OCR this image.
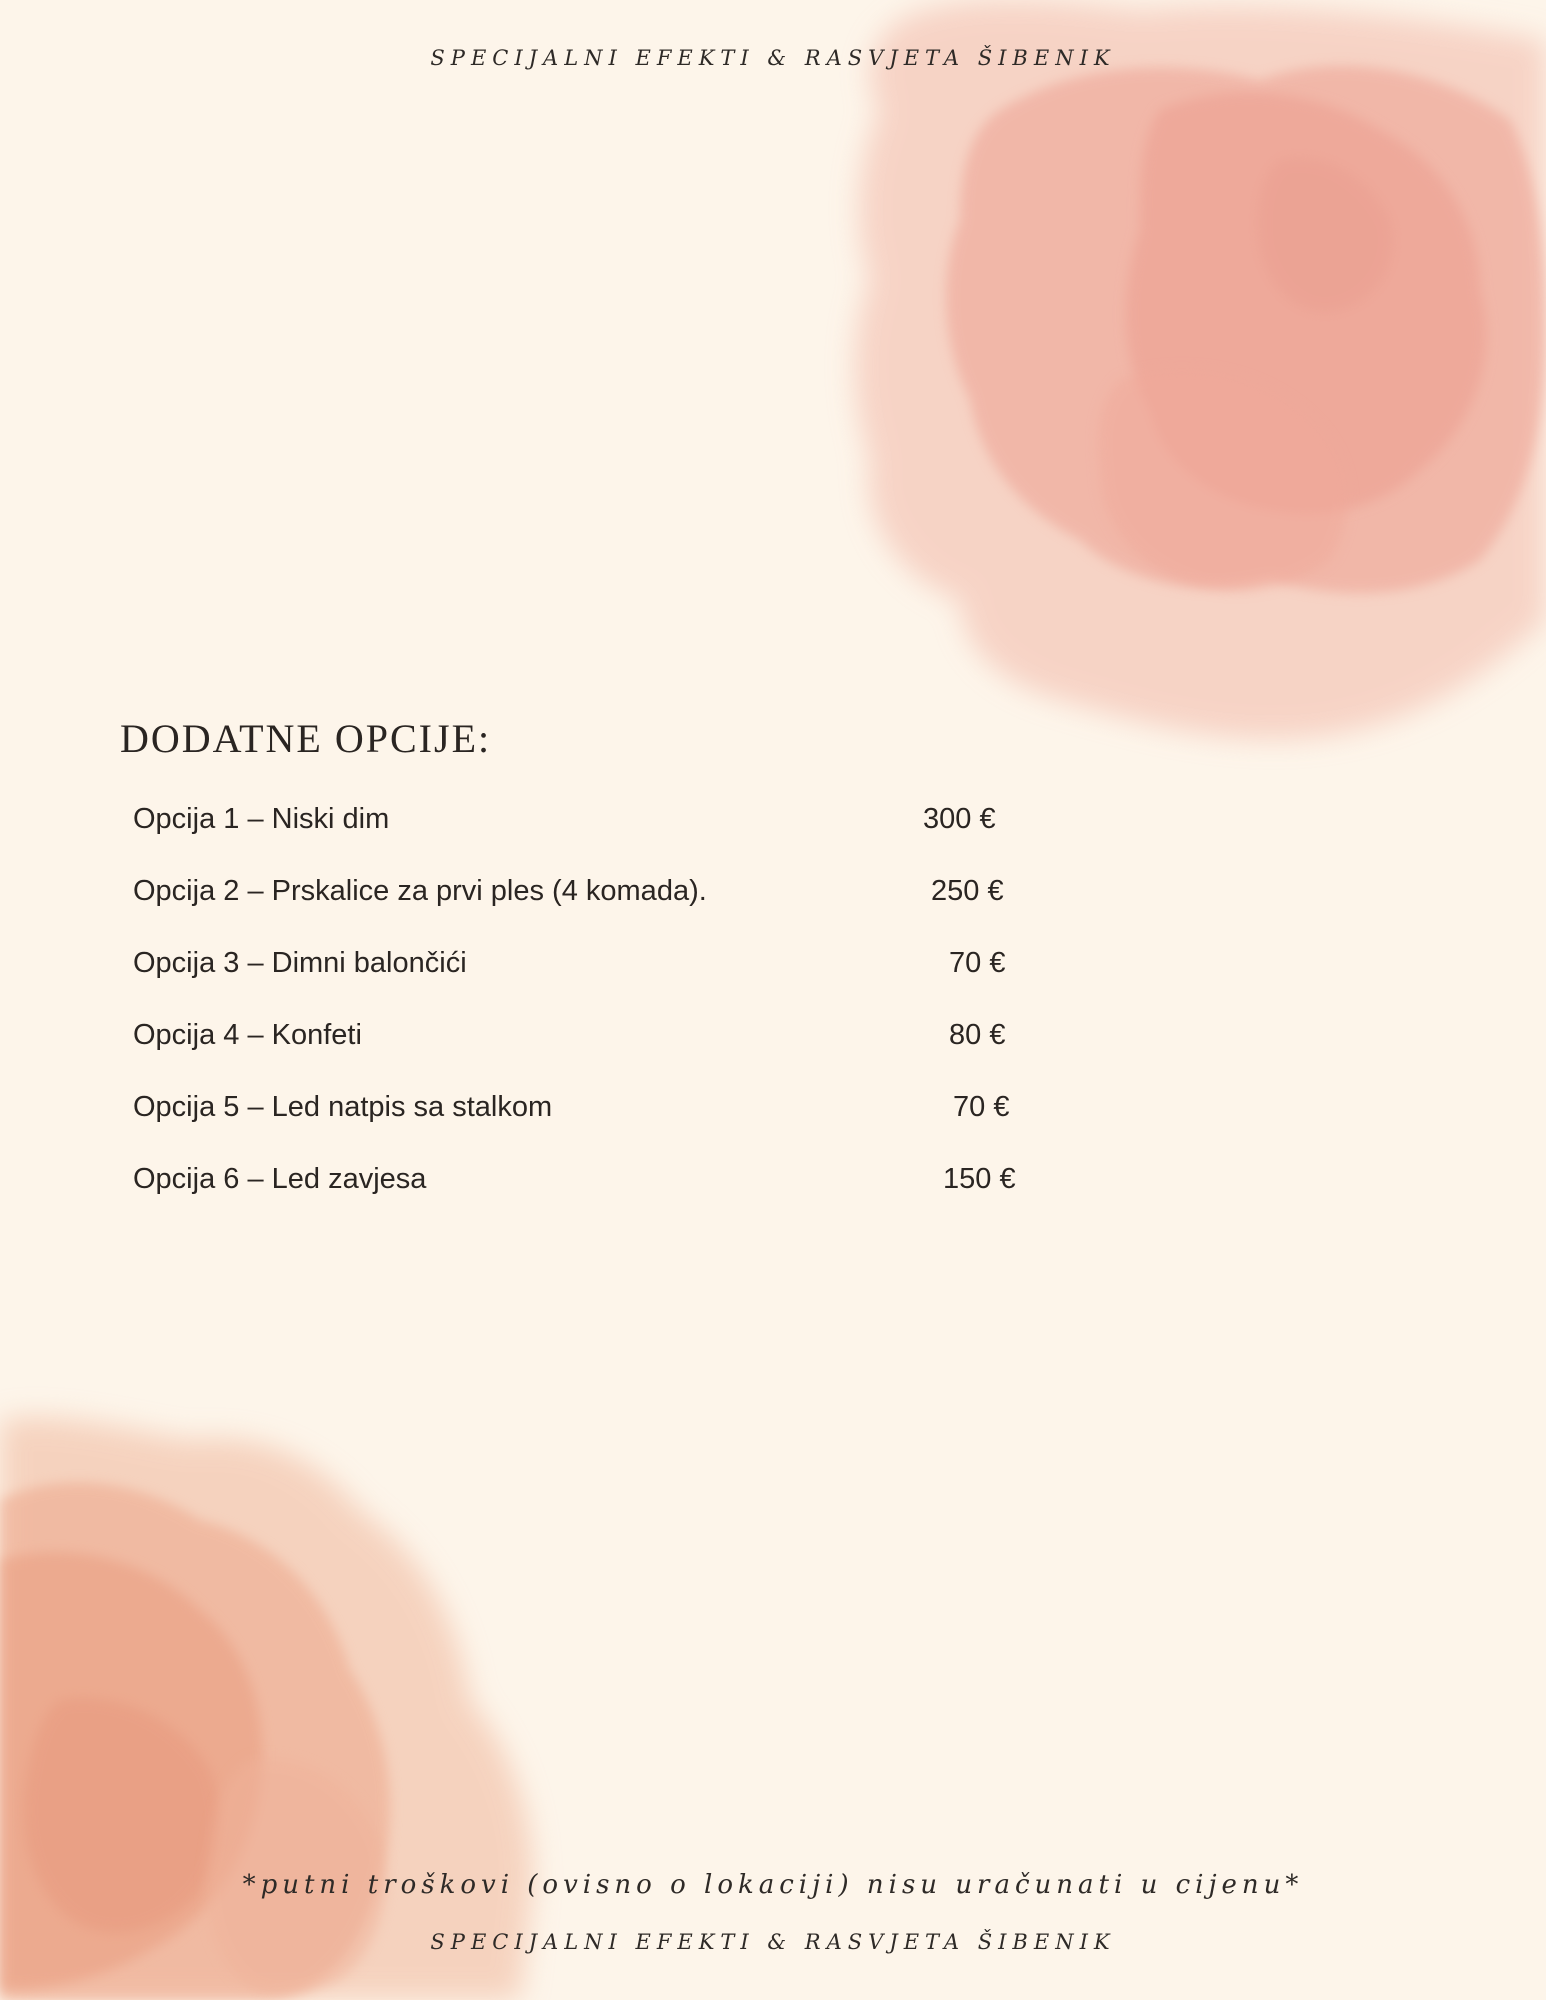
SPECIJALNI EFEKTI & RASVJETA ŠIBENIK
DODATNE OPCIJE:
Opcija 1 – Niski dim	300 €
Opcija 2 – Prskalice za prvi ples (4 komada).	250 €
Opcija 3 – Dimni balončići	70 €
Opcija 4 – Konfeti	80 €
Opcija 5 – Led natpis sa stalkom	70 €
Opcija 6 – Led zavjesa	150 €
*putni troškovi (ovisno o lokaciji) nisu uračunati u cijenu*
SPECIJALNI EFEKTI & RASVJETA ŠIBENIK
